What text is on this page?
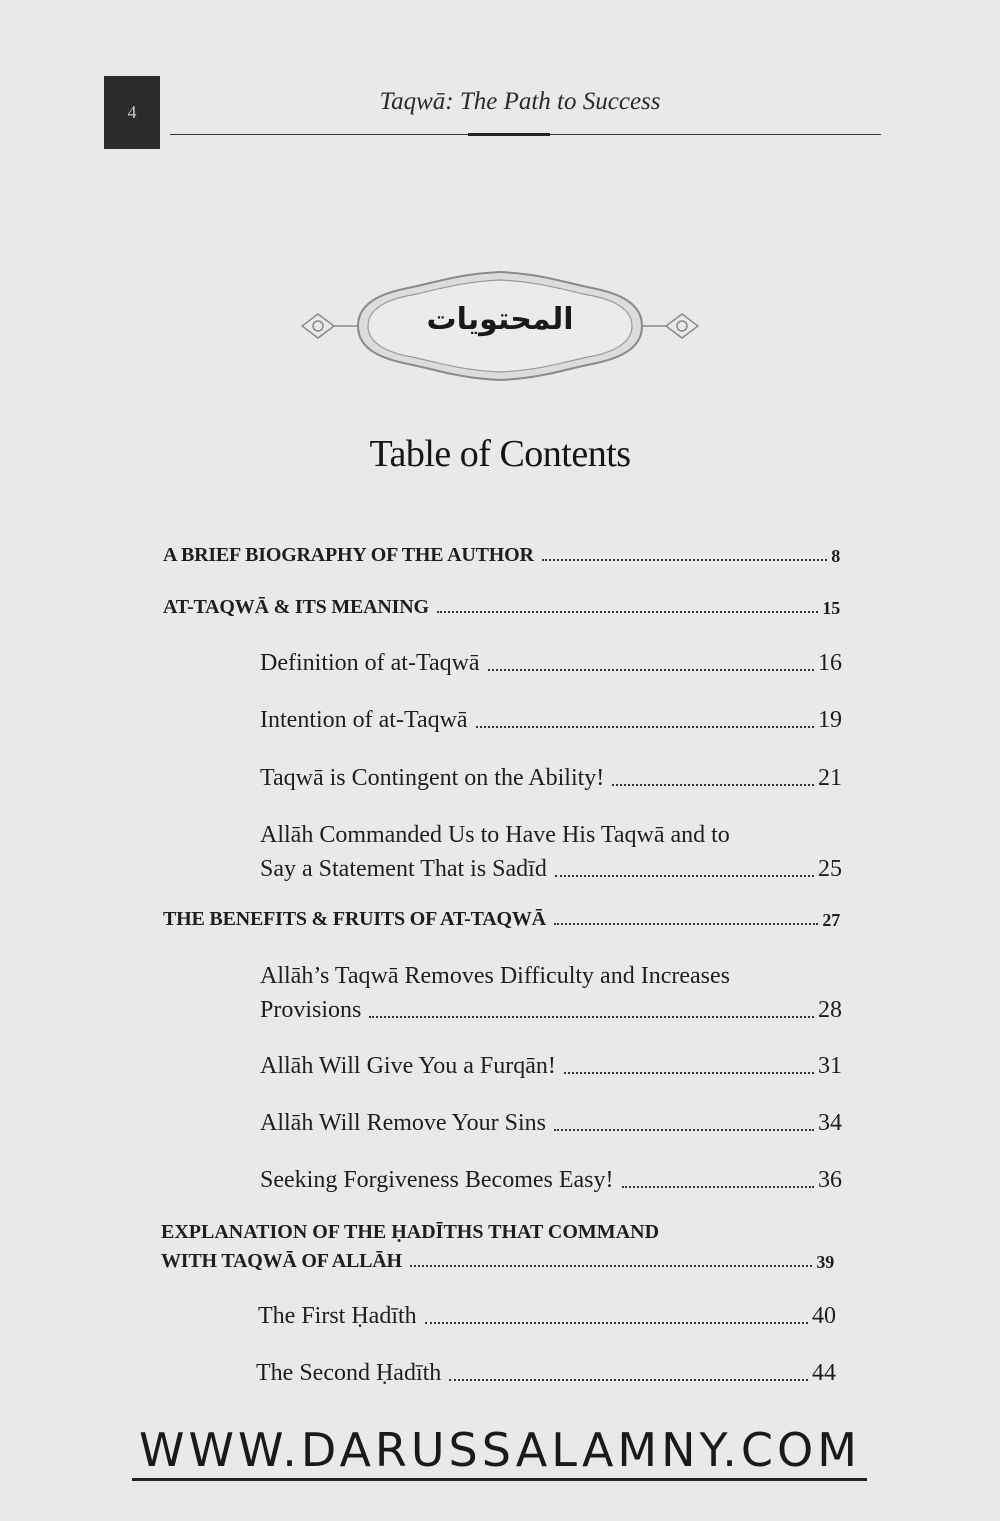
4	Taqwā: The Path to Success
المحتويات
Table of Contents
A BRIEF BIOGRAPHY OF THE AUTHOR	8
AT-TAQWĀ & ITS MEANING	15
Definition of at-Taqwā	16
Intention of at-Taqwā	19
Taqwā is Contingent on the Ability!	21
Allāh Commanded Us to Have His Taqwā and to
Say a Statement That is Sadīd	25
THE BENEFITS & FRUITS OF AT-TAQWĀ	27
Allāh’s Taqwā Removes Difficulty and Increases
Provisions	28
Allāh Will Give You a Furqān!	31
Allāh Will Remove Your Sins	34
Seeking Forgiveness Becomes Easy!	36
EXPLANATION OF THE ḤADĪTHS THAT COMMAND
WITH TAQWĀ OF ALLĀH	39
The First Ḥadīth	40
The Second Ḥadīth	44
WWW.DARUSSALAMNY.COM
